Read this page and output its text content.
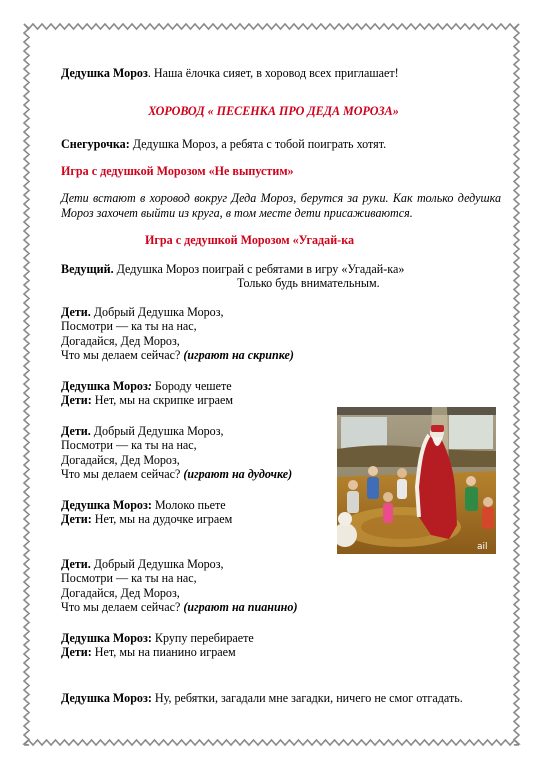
Дедушка Мороз. Наша ёлочка сияет, в хоровод всех приглашает!
ХОРОВОД « ПЕСЕНКА ПРО ДЕДА МОРОЗА»
Снегурочка: Дедушка Мороз, а ребята с тобой поиграть хотят.
Игра с дедушкой Морозом «Не выпустим»
Дети встают в хоровод вокруг Деда Мороз, берутся за руки. Как только дедушка Мороз захочет выйти из круга, в том месте дети присаживаются.
Игра с дедушкой Морозом «Угадай-ка
Ведущий. Дедушка Мороз поиграй с ребятами в игру «Угадай-ка»
Только будь внимательным.
Дети. Добрый Дедушка Мороз,
Посмотри — ка ты на нас,
Догадайся, Дед Мороз,
Что мы делаем сейчас? (играют на скрипке)
Дедушка Мороз: Бороду чешете
Дети: Нет, мы на скрипке играем
Дети. Добрый Дедушка Мороз,
Посмотри — ка ты на нас,
Догадайся, Дед Мороз,
Что мы делаем сейчас? (играют на дудочке)
Дедушка Мороз: Молоко пьете
Дети: Нет, мы на дудочке играем
Дети. Добрый Дедушка Мороз,
Посмотри — ка ты на нас,
Догадайся, Дед Мороз,
Что мы делаем сейчас? (играют на пианино)
Дедушка Мороз: Крупу перебираете
Дети: Нет, мы на пианино играем
Дедушка Мороз: Ну, ребятки, загадали мне загадки, ничего не смог отгадать.
ail
